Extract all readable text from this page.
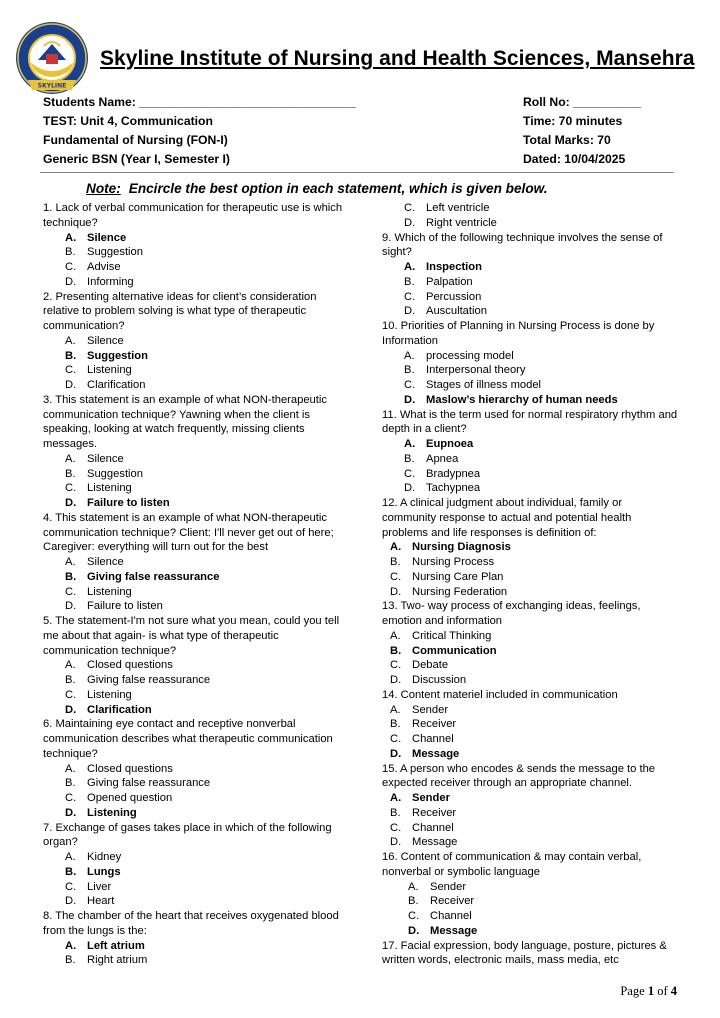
SKYLINE
Skyline Institute of Nursing and Health Sciences, Mansehra
Students Name: ________________________________
TEST: Unit 4, Communication
Fundamental of Nursing (FON-I)
Generic BSN (Year I, Semester I)
Roll No: __________
Time: 70 minutes
Total Marks: 70
Dated: 10/04/2025
Note: Encircle the best option in each statement, which is given below.

1. Lack of verbal communication for therapeutic use is which technique?

A. Silence
B. Suggestion
C. Advise
D. Informing

2. Presenting alternative ideas for client’s consideration relative to problem solving is what type of therapeutic communication?

A. Silence
B. Suggestion
C. Listening
D. Clarification

3. This statement is an example of what NON-therapeutic communication technique? Yawning when the client is speaking, looking at watch frequently, missing clients messages.

A. Silence
B. Suggestion
C. Listening
D. Failure to listen

4. This statement is an example of what NON-therapeutic communication technique? Client: I'll never get out of here; Caregiver: everything will turn out for the best

A. Silence
B. Giving false reassurance
C. Listening
D. Failure to listen

5. The statement-I'm not sure what you mean, could you tell me about that again- is what type of therapeutic communication technique?

A. Closed questions
B. Giving false reassurance
C. Listening
D. Clarification

6. Maintaining eye contact and receptive nonverbal communication describes what therapeutic communication technique?

A. Closed questions
B. Giving false reassurance
C. Opened question
D. Listening

7. Exchange of gases takes place in which of the following organ?

A. Kidney
B. Lungs
C. Liver
D. Heart

8. The chamber of the heart that receives oxygenated blood from the lungs is the:

A. Left atrium
B. Right atrium
C. Left ventricle
D. Right ventricle

9. Which of the following technique involves the sense of sight?

A. Inspection
B. Palpation
C. Percussion
D. Auscultation

10. Priorities of Planning in Nursing Process is done by Information

A. processing model
B. Interpersonal theory
C. Stages of illness model
D. Maslow’s hierarchy of human needs

11. What is the term used for normal respiratory rhythm and depth in a client?

A. Eupnoea
B. Apnea
C. Bradypnea
D. Tachypnea

12. A clinical judgment about individual, family or community response to actual and potential health problems and life responses is definition of:

A. Nursing Diagnosis
B. Nursing Process
C. Nursing Care Plan
D. Nursing Federation

13. Two- way process of exchanging ideas, feelings, emotion and information

A. Critical Thinking
B. Communication
C. Debate
D. Discussion

14. Content materiel included in communication

A. Sender
B. Receiver
C. Channel
D. Message

15. A person who encodes & sends the message to the expected receiver through an appropriate channel.

A. Sender
B. Receiver
C. Channel
D. Message

16. Content of communication & may contain verbal, nonverbal or symbolic language

A. Sender
B. Receiver
C. Channel
D. Message

17. Facial expression, body language, posture, pictures & written words, electronic mails, mass media, etc

Page 1 of 4
